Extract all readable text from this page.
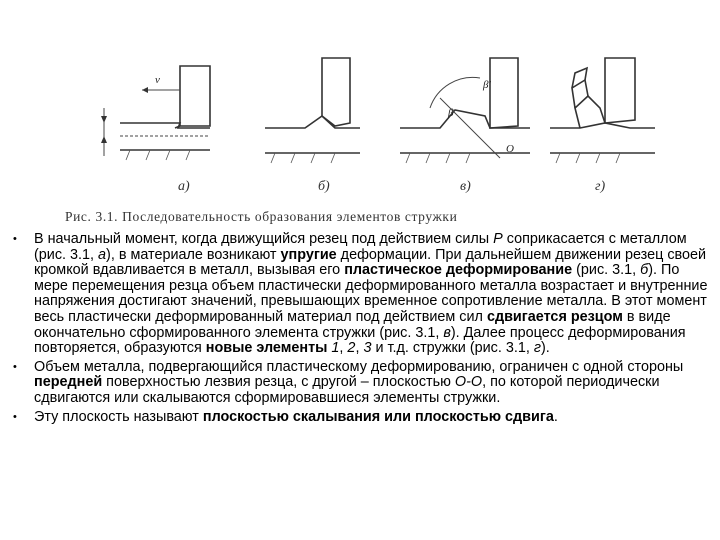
v
а)	б)
β'
β
O
в)	г)
Рис. 3.1. Последовательность образования элементов стружки
• В начальный момент, когда движущийся резец под действием силы P соприкасается с металлом (рис. 3.1, а), в материале возникают упругие деформации. При дальнейшем движении резец своей кромкой вдавливается в металл, вызывая его пластическое деформирование (рис. 3.1, б). По мере перемещения резца объем пластически деформированного металла возрастает и внутренние напряжения достигают значений, превышающих временное сопротивление металла. В этот момент весь пластически деформированный материал под действием сил сдвигается резцом в виде окончательно сформированного элемента стружки (рис. 3.1, в). Далее процесс деформирования повторяется, образуются новые элементы 1, 2, 3 и т.д. стружки (рис. 3.1, г).
• Объем металла, подвергающийся пластическому деформированию, ограничен с одной стороны передней поверхностью лезвия резца, с другой – плоскостью О-О, по которой периодически сдвигаются или скалываются сформировавшиеся элементы стружки.
• Эту плоскость называют плоскостью скалывания или плоскостью сдвига.
